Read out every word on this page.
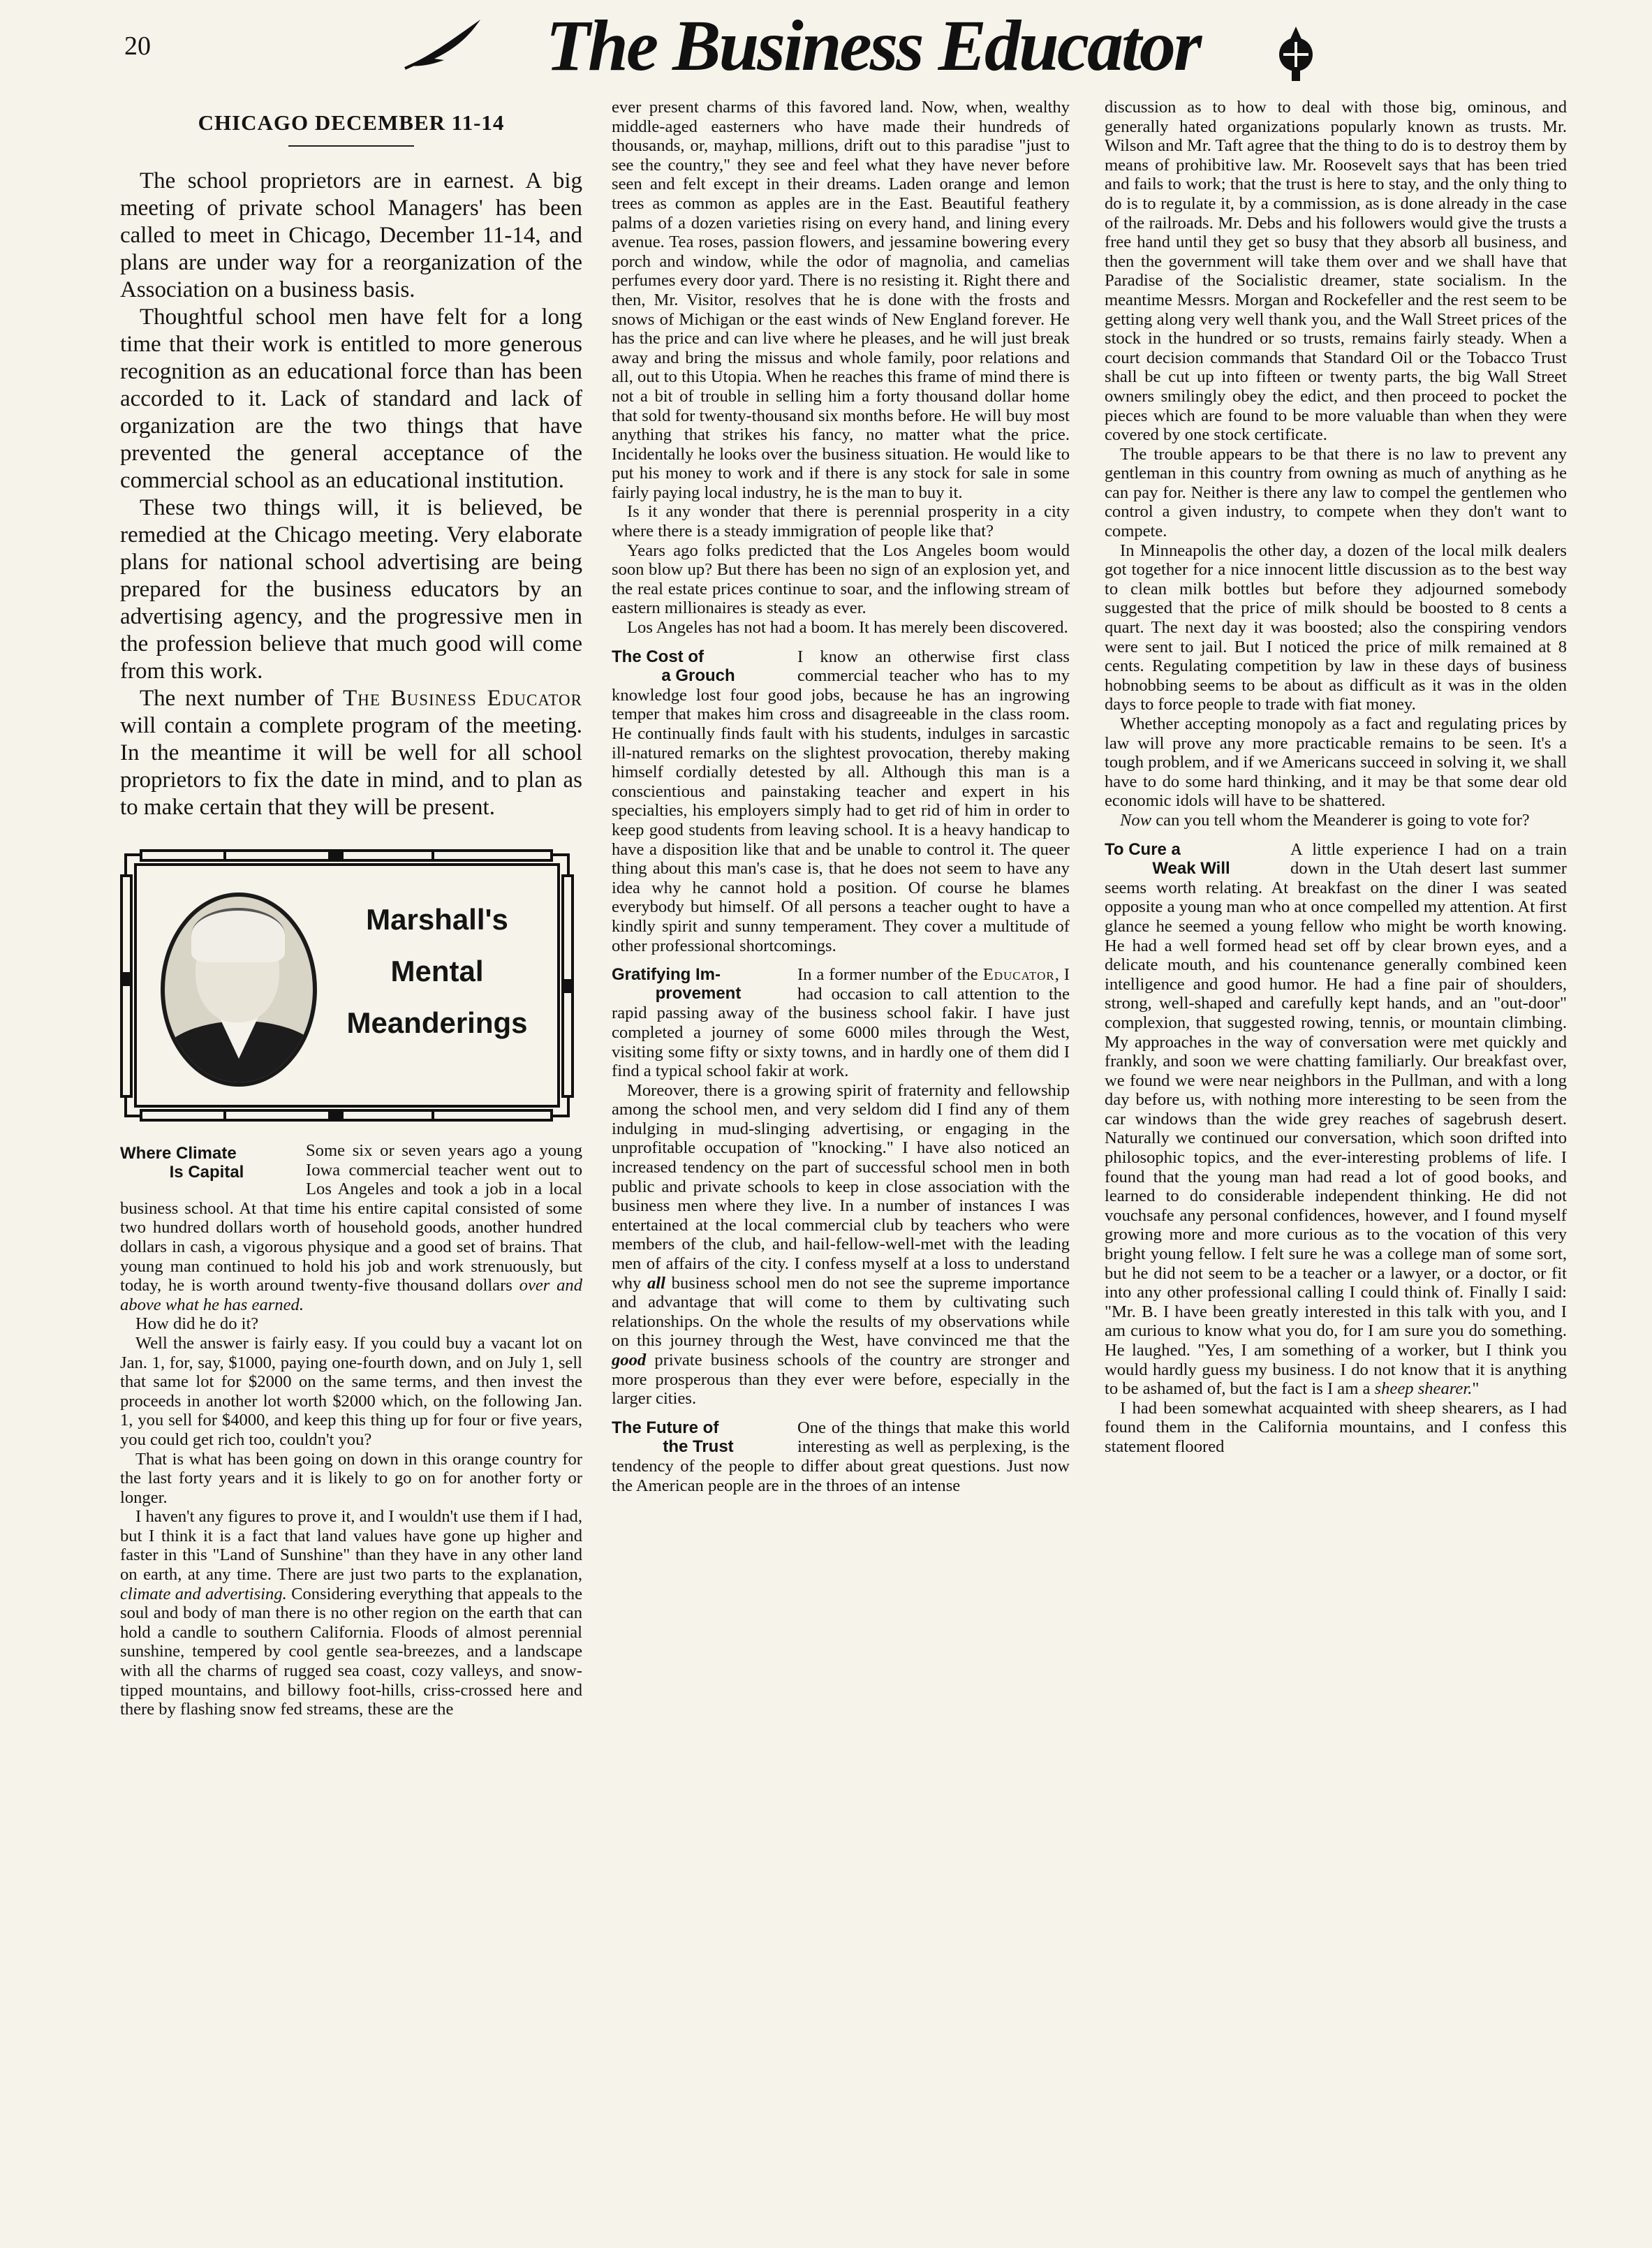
20	The Business Educator
CHICAGO DECEMBER 11-14

The school proprietors are in earnest. A big meeting of private school Managers' has been called to meet in Chicago, December 11-14, and plans are under way for a reorganization of the Association on a business basis.

Thoughtful school men have felt for a long time that their work is entitled to more generous recognition as an educational force than has been accorded to it. Lack of standard and lack of organization are the two things that have prevented the general acceptance of the commercial school as an educational institution.

These two things will, it is believed, be remedied at the Chicago meeting. Very elaborate plans for national school advertising are being prepared for the business educators by an advertising agency, and the progressive men in the profession believe that much good will come from this work.

The next number of The Business Educator will contain a complete program of the meeting. In the meantime it will be well for all school proprietors to fix the date in mind, and to plan as to make certain that they will be present.

Marshall's
Mental
Meanderings
Where Climate
Is Capital

Some six or seven years ago a young Iowa commercial teacher went out to Los Angeles and took a job in a local business school. At that time his entire capital consisted of some two hundred dollars worth of household goods, another hundred dollars in cash, a vigorous physique and a good set of brains. That young man continued to hold his job and work strenuously, but today, he is worth around twenty-five thousand dollars over and above what he has earned.

How did he do it?

Well the answer is fairly easy. If you could buy a vacant lot on Jan. 1, for, say, $1000, paying one-fourth down, and on July 1, sell that same lot for $2000 on the same terms, and then invest the proceeds in another lot worth $2000 which, on the following Jan. 1, you sell for $4000, and keep this thing up for four or five years, you could get rich too, couldn't you?

That is what has been going on down in this orange country for the last forty years and it is likely to go on for another forty or longer.

I haven't any figures to prove it, and I wouldn't use them if I had, but I think it is a fact that land values have gone up higher and faster in this "Land of Sunshine" than they have in any other land on earth, at any time. There are just two parts to the explanation, climate and advertising. Considering everything that appeals to the soul and body of man there is no other region on the earth that can hold a candle to southern California. Floods of almost perennial sunshine, tempered by cool gentle sea-breezes, and a landscape with all the charms of rugged sea coast, cozy valleys, and snow-tipped mountains, and billowy foot-hills, criss-crossed here and there by flashing snow fed streams, these are the

ever present charms of this favored land. Now, when, wealthy middle-aged easterners who have made their hundreds of thousands, or, mayhap, millions, drift out to this paradise "just to see the country," they see and feel what they have never before seen and felt except in their dreams. Laden orange and lemon trees as common as apples are in the East. Beautiful feathery palms of a dozen varieties rising on every hand, and lining every avenue. Tea roses, passion flowers, and jessamine bowering every porch and window, while the odor of magnolia, and camelias perfumes every door yard. There is no resisting it. Right there and then, Mr. Visitor, resolves that he is done with the frosts and snows of Michigan or the east winds of New England forever. He has the price and can live where he pleases, and he will just break away and bring the missus and whole family, poor relations and all, out to this Utopia. When he reaches this frame of mind there is not a bit of trouble in selling him a forty thousand dollar home that sold for twenty-thousand six months before. He will buy most anything that strikes his fancy, no matter what the price. Incidentally he looks over the business situation. He would like to put his money to work and if there is any stock for sale in some fairly paying local industry, he is the man to buy it.

Is it any wonder that there is perennial prosperity in a city where there is a steady immigration of people like that?

Years ago folks predicted that the Los Angeles boom would soon blow up? But there has been no sign of an explosion yet, and the real estate prices continue to soar, and the inflowing stream of eastern millionaires is steady as ever.

Los Angeles has not had a boom. It has merely been discovered.

The Cost of
a Grouch

I know an otherwise first class commercial teacher who has to my knowledge lost four good jobs, because he has an ingrowing temper that makes him cross and disagreeable in the class room. He continually finds fault with his students, indulges in sarcastic ill-natured remarks on the slightest provocation, thereby making himself cordially detested by all. Although this man is a conscientious and painstaking teacher and expert in his specialties, his employers simply had to get rid of him in order to keep good students from leaving school. It is a heavy handicap to have a disposition like that and be unable to control it. The queer thing about this man's case is, that he does not seem to have any idea why he cannot hold a position. Of course he blames everybody but himself. Of all persons a teacher ought to have a kindly spirit and sunny temperament. They cover a multitude of other professional shortcomings.

Gratifying Im-
provement

In a former number of the Educator, I had occasion to call attention to the rapid passing away of the business school fakir. I have just completed a journey of some 6000 miles through the West, visiting some fifty or sixty towns, and in hardly one of them did I find a typical school fakir at work.

Moreover, there is a growing spirit of fraternity and fellowship among the school men, and very seldom did I find any of them indulging in mud-slinging advertising, or engaging in the unprofitable occupation of "knocking." I have also noticed an increased tendency on the part of successful school men in both public and private schools to keep in close association with the business men where they live. In a number of instances I was entertained at the local commercial club by teachers who were members of the club, and hail-fellow-well-met with the leading men of affairs of the city. I confess myself at a loss to understand why all business school men do not see the supreme importance and advantage that will come to them by cultivating such relationships. On the whole the results of my observations while on this journey through the West, have convinced me that the good private business schools of the country are stronger and more prosperous than they ever were before, especially in the larger cities.

The Future of
the Trust

One of the things that make this world interesting as well as perplexing, is the tendency of the people to differ about great questions. Just now the American people are in the throes of an intense

discussion as to how to deal with those big, ominous, and generally hated organizations popularly known as trusts. Mr. Wilson and Mr. Taft agree that the thing to do is to destroy them by means of prohibitive law. Mr. Roosevelt says that has been tried and fails to work; that the trust is here to stay, and the only thing to do is to regulate it, by a commission, as is done already in the case of the railroads. Mr. Debs and his followers would give the trusts a free hand until they get so busy that they absorb all business, and then the government will take them over and we shall have that Paradise of the Socialistic dreamer, state socialism. In the meantime Messrs. Morgan and Rockefeller and the rest seem to be getting along very well thank you, and the Wall Street prices of the stock in the hundred or so trusts, remains fairly steady. When a court decision commands that Standard Oil or the Tobacco Trust shall be cut up into fifteen or twenty parts, the big Wall Street owners smilingly obey the edict, and then proceed to pocket the pieces which are found to be more valuable than when they were covered by one stock certificate.

The trouble appears to be that there is no law to prevent any gentleman in this country from owning as much of anything as he can pay for. Neither is there any law to compel the gentlemen who control a given industry, to compete when they don't want to compete.

In Minneapolis the other day, a dozen of the local milk dealers got together for a nice innocent little discussion as to the best way to clean milk bottles but before they adjourned somebody suggested that the price of milk should be boosted to 8 cents a quart. The next day it was boosted; also the conspiring vendors were sent to jail. But I noticed the price of milk remained at 8 cents. Regulating competition by law in these days of business hobnobbing seems to be about as difficult as it was in the olden days to force people to trade with fiat money.

Whether accepting monopoly as a fact and regulating prices by law will prove any more practicable remains to be seen. It's a tough problem, and if we Americans succeed in solving it, we shall have to do some hard thinking, and it may be that some dear old economic idols will have to be shattered.

Now can you tell whom the Meanderer is going to vote for?

To Cure a
Weak Will

A little experience I had on a train down in the Utah desert last summer seems worth relating. At breakfast on the diner I was seated opposite a young man who at once compelled my attention. At first glance he seemed a young fellow who might be worth knowing. He had a well formed head set off by clear brown eyes, and a delicate mouth, and his countenance generally combined keen intelligence and good humor. He had a fine pair of shoulders, strong, well-shaped and carefully kept hands, and an "out-door" complexion, that suggested rowing, tennis, or mountain climbing. My approaches in the way of conversation were met quickly and frankly, and soon we were chatting familiarly. Our breakfast over, we found we were near neighbors in the Pullman, and with a long day before us, with nothing more interesting to be seen from the car windows than the wide grey reaches of sagebrush desert. Naturally we continued our conversation, which soon drifted into philosophic topics, and the ever-interesting problems of life. I found that the young man had read a lot of good books, and learned to do considerable independent thinking. He did not vouchsafe any personal confidences, however, and I found myself growing more and more curious as to the vocation of this very bright young fellow. I felt sure he was a college man of some sort, but he did not seem to be a teacher or a lawyer, or a doctor, or fit into any other professional calling I could think of. Finally I said: "Mr. B. I have been greatly interested in this talk with you, and I am curious to know what you do, for I am sure you do something. He laughed. "Yes, I am something of a worker, but I think you would hardly guess my business. I do not know that it is anything to be ashamed of, but the fact is I am a sheep shearer."

I had been somewhat acquainted with sheep shearers, as I had found them in the California mountains, and I confess this statement floored
